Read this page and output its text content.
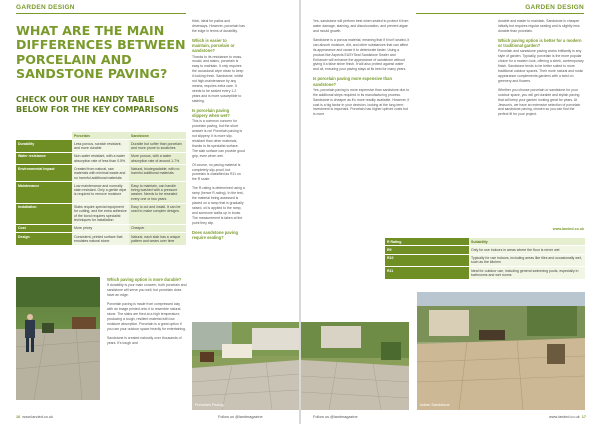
GARDEN DESIGN
WHAT ARE THE MAIN DIFFERENCES BETWEEN PORCELAIN AND SANDSTONE PAVING?
CHECK OUT OUR HANDY TABLE BELOW FOR THE KEY COMPARISONS
	Porcelain	Sandstone
Durability	Less porous, scratch resistant, and more durable	Durable but softer than porcelain and more prone to scratches
Water resistance	Non-water resistant, with a water absorption rate of less than 0.5%	More porous, with a water absorption rate of around 1-7%
Environmental impact	Created from natural, raw materials with minimal waste and no harmful additional materials	Natural, biodegradable, with no harmful additional materials
Maintenance	Low maintenance and normally stain resistant. Only a gentle wipe is required to remove moisture	Easy to maintain, can handle being washed with a pressure washer. Needs to be resealed every one or two years
Installation	Slabs require special equipment for cutting, and the extra adhesive of the bond requires specialist techniques for installation	Easy to cut and install. It can be used to make complex designs
Cost	More pricey	Cheaper
Design	Consistent, printed surface that emulates natural stone	Natural, each slab has a unique pattern and wears over time
Which paving option is more durable?

If durability is your main concern, both porcelain and sandstone will serve you well, but porcelain does have an edge.

Porcelain paving is made from compressed clay with an image printed onto it to resemble natural stone. The slabs are fired at a high temperature, producing a tough, resilient material with low moisture absorption. Porcelain is a great option if you use your outdoor space heavily for entertaining.

Sandstone is created naturally over thousands of years. It's tough and

thick, ideal for patios and driveways. However, porcelain has the edge in terms of durability.

Which is easier to maintain, porcelain or sandstone?

Thanks to its resistance to moss, mould, and stains, porcelain is easy to maintain. It only requires the occasional wipe clean to keep it looking fresh. Sandstone, whilst not high-maintenance by any means, requires extra care. It needs to be sealed every 1-2 years and is more susceptible to staining.

Is porcelain paving slippery when wet?

This is a common concern for porcelain paving, but the short answer is no! Porcelain paving is not slippery. It is more slip-resistant than other materials, thanks to its specialist surface. The slab surface can provide good grip, even when wet.

Of course, no paving material is completely slip-proof, but porcelain is classified as R11 on the R scale.

The R-rating is determined using a ramp (hence R-rating). In the test, the material being assessed is placed on a ramp that is gradually raised, oil is applied to the ramp, and someone walks up in boots. The measurement is taken at the point they slip.

Does sandstone paving require sealing?
Porcelain Paving
16 www.landed.co.uk	Follow us @landmagazine
GARDEN DESIGN

Yes, sandstone will perform best when sealed to protect it from water damage, staining, and discolouration, and prevent algae and mould growth.

Sandstone is a porous material, meaning that if it isn't sealed, it can absorb moisture, dirt, and other substances that can affect its appearance and cause it to deteriorate faster. Using a product like Azpects EASYSeal Sandstone Sealer and Enhancer will enhance the appearance of sandstone without giving it a false shine finish. It will also protect against water and oil, ensuring your paving stays at its best for many years.

Is porcelain paving more expensive than sandstone?

Yes, porcelain paving is more expensive than sandstone due to the additional steps required in its manufacturing process. Sandstone is cheaper as it's more readily available. However, if cost is a big factor in your decision, looking at the long-term investment is important. Porcelain has higher upfront costs but is more

durable and easier to maintain. Sandstone is cheaper initially but requires regular sealing and is slightly less durable than porcelain.

Which paving option is better for a modern or traditional garden?

Porcelain and sandstone paving works brilliantly in any style of garden. Typically, porcelain is the more popular choice for a modern look, offering a sleek, contemporary finish. Sandstone tends to be better suited to more traditional outdoor spaces. Their more natural and rustic appearance complements gardens with a twist on greenery and flowers.

Whether you choose porcelain or sandstone for your outdoor space, you will get durable and stylish paving that will keep your garden looking great for years. At Jewson's, we have an extensive selection of porcelain and sandstone paving, chosen so you can find the perfect fit for your project.

www.landed.co.uk
R Rating	Suitability
R9	Only for use indoors in areas where the floor is never wet
R10	Typically for use indoors, including areas like tiles and occasionally wet, such as the kitchen
R11	Ideal for outdoor use, including general swimming pools, especially in bathrooms and wet rooms
Indian Sandstone
Follow us @landmagazine	www.landed.co.uk 17
